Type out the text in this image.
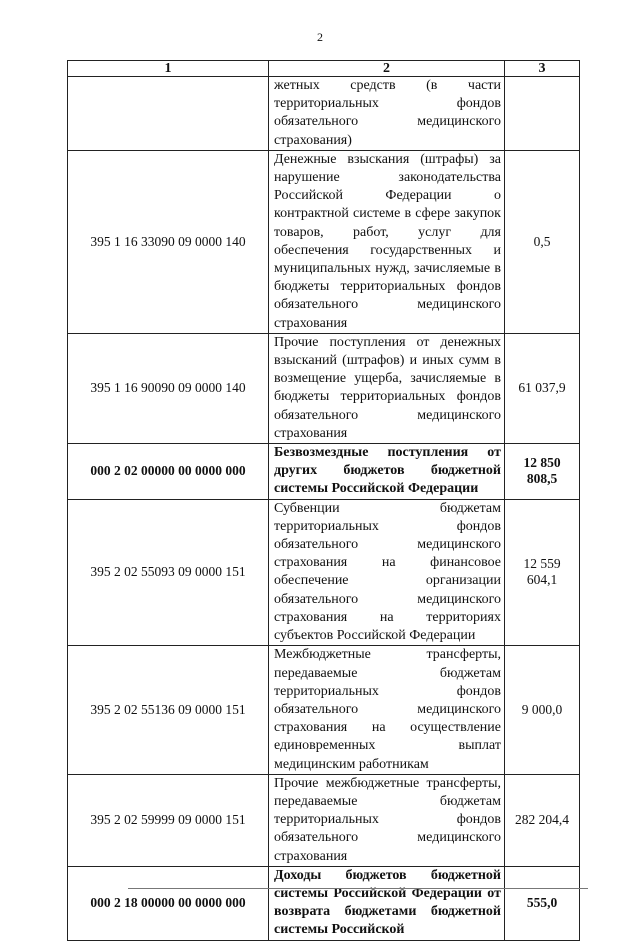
2
1	2	3
	жетных средств (в части территориальных фондов обязательного медицинского страхования)	
395 1 16 33090 09 0000 140	Денежные взыскания (штрафы) за нарушение законодательства Российской Федерации о контрактной системе в сфере закупок товаров, работ, услуг для обеспечения государственных и муниципальных нужд, зачисляемые в бюджеты территориальных фондов обязательного медицинского страхования	0,5
395 1 16 90090 09 0000 140	Прочие поступления от денежных взысканий (штрафов) и иных сумм в возмещение ущерба, зачисляемые в бюджеты территориальных фондов обязательного медицинского страхования	61 037,9
000 2 02 00000 00 0000 000	Безвозмездные поступления от других бюджетов бюджетной системы Российской Федерации	12 850 808,5
395 2 02 55093 09 0000 151	Субвенции бюджетам территориальных фондов обязательного медицинского страхования на финансовое обеспечение организации обязательного медицинского страхования на территориях субъектов Российской Федерации	12 559 604,1
395 2 02 55136 09 0000 151	Межбюджетные трансферты, передаваемые бюджетам территориальных фондов обязательного медицинского страхования на осуществление единовременных выплат медицинским работникам	9 000,0
395 2 02 59999 09 0000 151	Прочие межбюджетные трансферты, передаваемые бюджетам территориальных фондов обязательного медицинского страхования	282 204,4
000 2 18 00000 00 0000 000	Доходы бюджетов бюджетной системы Российской Федерации от возврата бюджетами бюджетной системы Российской	555,0
